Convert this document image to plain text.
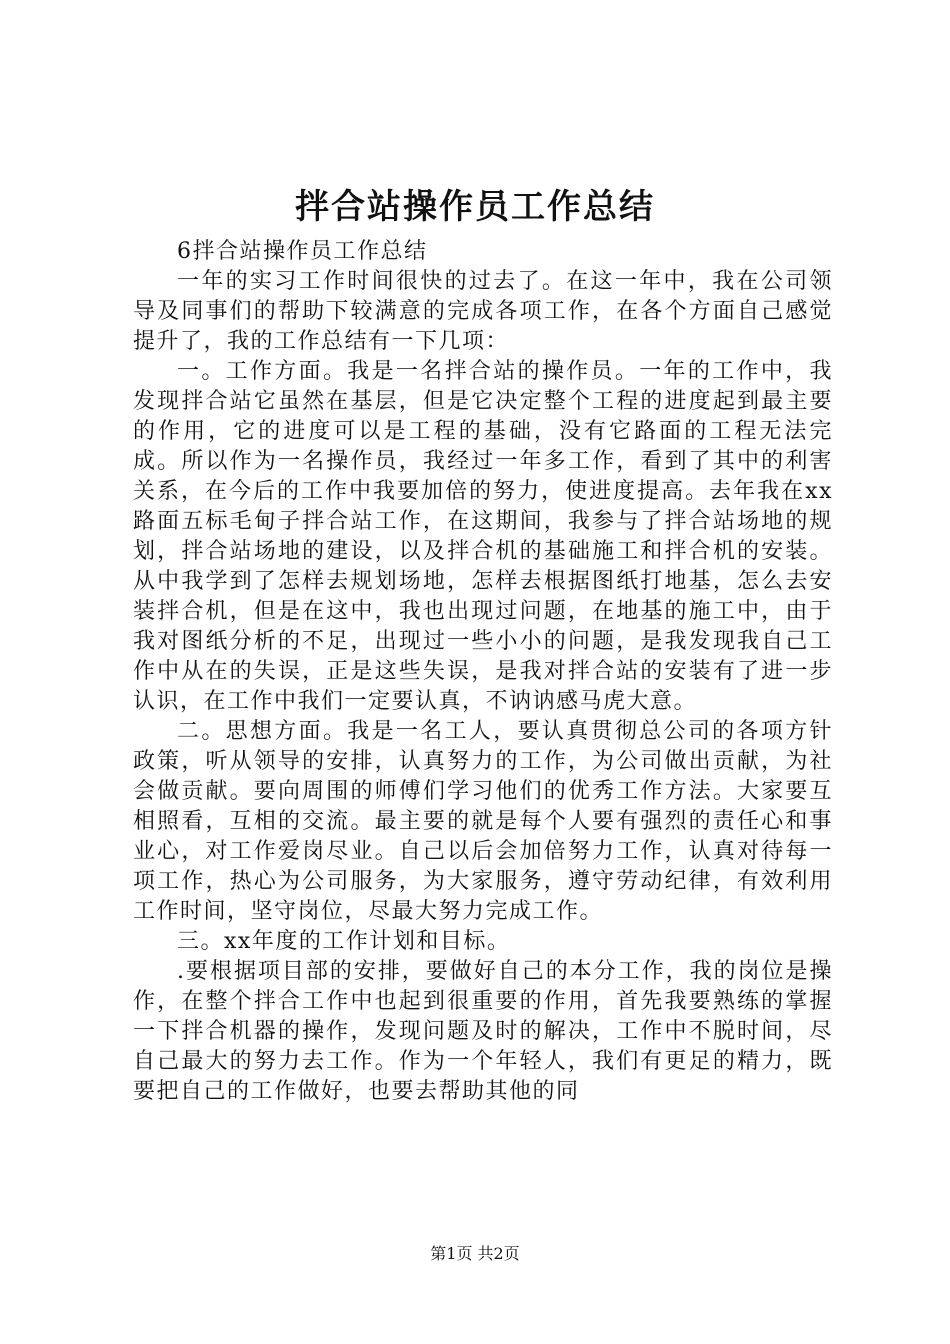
拌合站操作员工作总结

6拌合站操作员工作总结

一年的实习工作时间很快的过去了。在这一年中，我在公司领导及同事们的帮助下较满意的完成各项工作，在各个方面自己感觉提升了，我的工作总结有一下几项：

一。工作方面。我是一名拌合站的操作员。一年的工作中，我发现拌合站它虽然在基层，但是它决定整个工程的进度起到最主要的作用，它的进度可以是工程的基础，没有它路面的工程无法完成。所以作为一名操作员，我经过一年多工作，看到了其中的利害关系，在今后的工作中我要加倍的努力，使进度提高。去年我在xx路面五标毛甸子拌合站工作，在这期间，我参与了拌合站场地的规划，拌合站场地的建设，以及拌合机的基础施工和拌合机的安装。从中我学到了怎样去规划场地，怎样去根据图纸打地基，怎么去安装拌合机，但是在这中，我也出现过问题，在地基的施工中，由于我对图纸分析的不足，出现过一些小小的问题，是我发现我自己工作中从在的失误，正是这些失误，是我对拌合站的安装有了进一步认识，在工作中我们一定要认真，不讷讷感马虎大意。

二。思想方面。我是一名工人，要认真贯彻总公司的各项方针政策，听从领导的安排，认真努力的工作，为公司做出贡献，为社会做贡献。要向周围的师傅们学习他们的优秀工作方法。大家要互相照看，互相的交流。最主要的就是每个人要有强烈的责任心和事业心，对工作爱岗尽业。自己以后会加倍努力工作，认真对待每一项工作，热心为公司服务，为大家服务，遵守劳动纪律，有效利用工作时间，坚守岗位，尽最大努力完成工作。

三。xx年度的工作计划和目标。

.要根据项目部的安排，要做好自己的本分工作，我的岗位是操作，在整个拌合工作中也起到很重要的作用，首先我要熟练的掌握一下拌合机器的操作，发现问题及时的解决，工作中不脱时间，尽自己最大的努力去工作。作为一个年轻人，我们有更足的精力，既要把自己的工作做好，也要去帮助其他的同

第1页 共2页
